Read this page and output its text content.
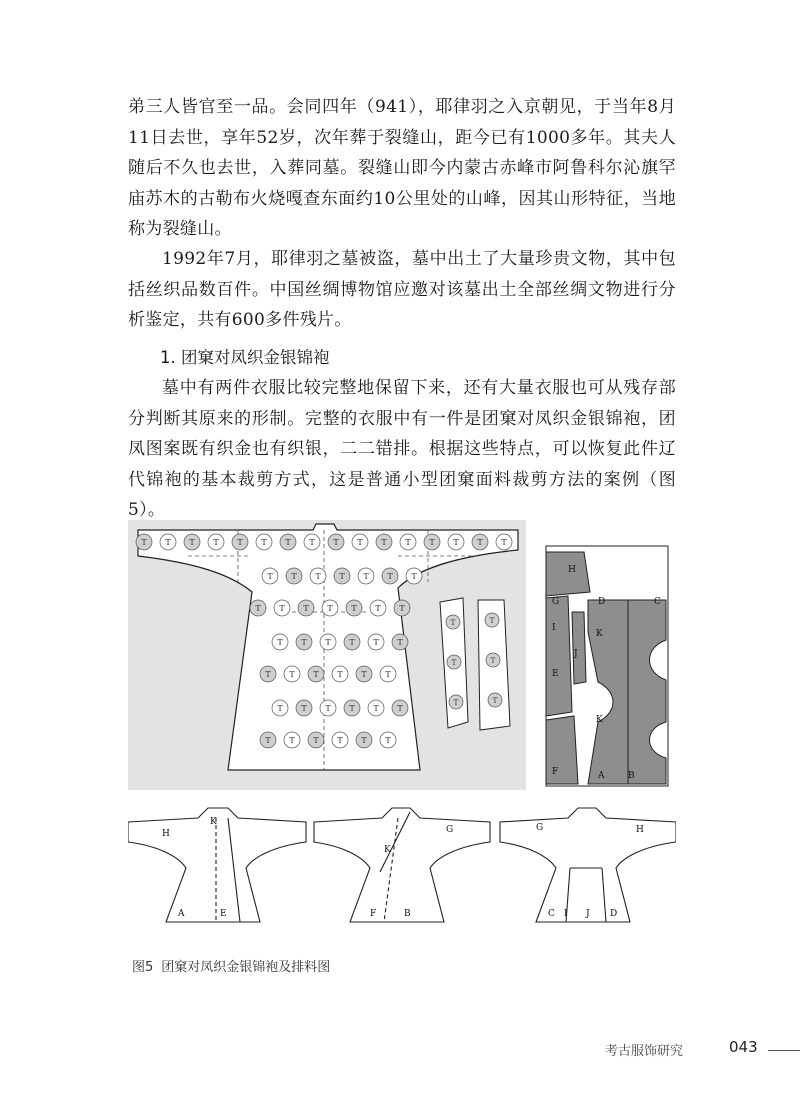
弟三人皆官至一品。会同四年（941），耶律羽之入京朝见，于当年8月11日去世，享年52岁，次年葬于裂缝山，距今已有1000多年。其夫人随后不久也去世，入葬同墓。裂缝山即今内蒙古赤峰市阿鲁科尔沁旗罕庙苏木的古勒布火烧嘎查东面约10公里处的山峰，因其山形特征，当地称为裂缝山。

1992年7月，耶律羽之墓被盗，墓中出土了大量珍贵文物，其中包括丝织品数百件。中国丝绸博物馆应邀对该墓出土全部丝绸文物进行分析鉴定，共有600多件残片。

1. 团窠对凤织金银锦袍

墓中有两件衣服比较完整地保留下来，还有大量衣服也可从残存部分判断其原来的形制。完整的衣服中有一件是团窠对凤织金银锦袍，团凤图案既有织金也有织银，二二错排。根据这些特点，可以恢复此件辽代锦袍的基本裁剪方式，这是普通小型团窠面料裁剪方法的案例（图5）。

T T T T T T T T T T T T T T T T
T T T T T T T
T T T T T T T
T T T T T T
T T T T T T
T T T T T T
T T T T T T
T
T
T
T
T
T
H
G	D	C
I
K
J
E
K
F	A	B
K
H
A	E
G
K
F	B
G	H
C I J D
图5 团窠对凤织金银锦袍及排料图
考古服饰研究	043
